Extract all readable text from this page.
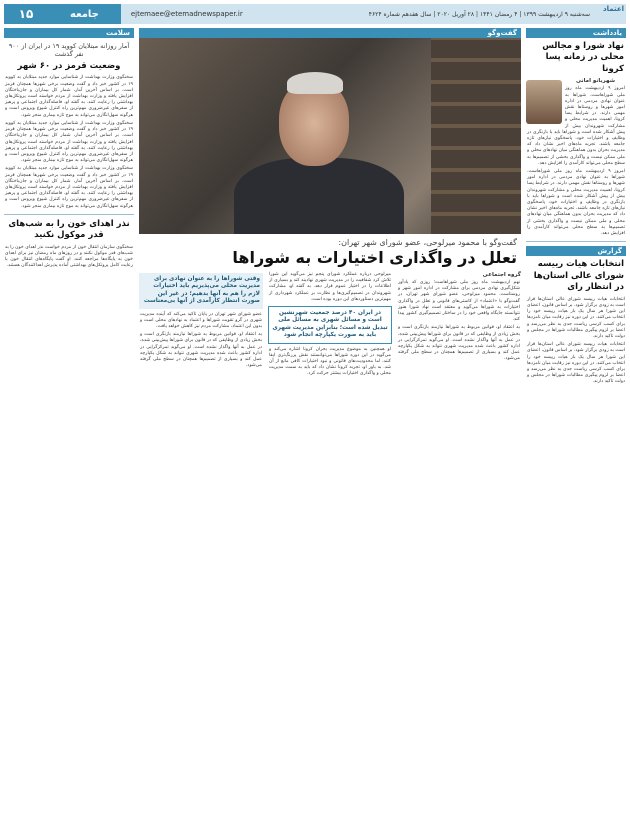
سه‌شنبه ۹ اردیبهشت ۱۳۹۹ | ۴ رمضان ۱۴۴۱ | ۲۸ آوریل ۲۰۲۰ | سال هفدهم شماره ۴۶۲۴
ejtemaee@etemadnewspaper.ir
جامعه
۱۵	اعتماد
یادداشت
نهاد شورا و مجالس محلی در زمانه پسا کرونا
شهربانو امانی

امروز ۹ اردیبهشت ماه روز ملی شوراهاست. شوراها به عنوان نهادی مردمی در اداره امور شهرها و روستاها نقش مهمی دارند. در شرایط پسا کرونا، اهمیت مدیریت محلی و مشارکت شهروندان بیش از پیش آشکار شده است و شوراها باید با بازنگری در وظایف و اختیارات خود، پاسخگوی نیازهای تازه جامعه باشند. تجربه ماه‌های اخیر نشان داد که مدیریت بحران بدون هماهنگی میان نهادهای محلی و ملی ممکن نیست و واگذاری بخشی از تصمیم‌ها به سطح محلی می‌تواند کارآمدی را افزایش دهد.

امروز ۹ اردیبهشت ماه روز ملی شوراهاست. شوراها به عنوان نهادی مردمی در اداره امور شهرها و روستاها نقش مهمی دارند. در شرایط پسا کرونا، اهمیت مدیریت محلی و مشارکت شهروندان بیش از پیش آشکار شده است و شوراها باید با بازنگری در وظایف و اختیارات خود، پاسخگوی نیازهای تازه جامعه باشند. تجربه ماه‌های اخیر نشان داد که مدیریت بحران بدون هماهنگی میان نهادهای محلی و ملی ممکن نیست و واگذاری بخشی از تصمیم‌ها به سطح محلی می‌تواند کارآمدی را افزایش دهد.

گزارش
انتخابات هیات رییسه شورای عالی استان‌ها در انتظار رای

انتخابات هیات رییسه شورای عالی استان‌ها قرار است به زودی برگزار شود. بر اساس قانون، اعضای این شورا هر سال یک بار هیات رییسه خود را انتخاب می‌کنند. در این دوره نیز رقابت میان نامزدها برای کسب کرسی ریاست جدی به نظر می‌رسد و اعضا بر لزوم پیگیری مطالبات شوراها در مجلس و دولت تاکید دارند.

انتخابات هیات رییسه شورای عالی استان‌ها قرار است به زودی برگزار شود. بر اساس قانون، اعضای این شورا هر سال یک بار هیات رییسه خود را انتخاب می‌کنند. در این دوره نیز رقابت میان نامزدها برای کسب کرسی ریاست جدی به نظر می‌رسد و اعضا بر لزوم پیگیری مطالبات شوراها در مجلس و دولت تاکید دارند.

گفت‌وگو
گفت‌وگو با محمود میرلوحی، عضو شورای شهر تهران:
تعلل در واگذاری اختیارات به شوراها
گروه اجتماعی

نهم اردیبهشت ماه روز ملی شوراهاست؛ روزی که یادآور شکل‌گیری نهادی مردمی برای مشارکت در اداره امور شهر و روستاست. محمود میرلوحی، عضو شورای شهر تهران، در گفت‌وگو با «اعتماد» از کاستی‌های قانونی و تعلل در واگذاری اختیارات به شوراها می‌گوید و معتقد است نهاد شورا هنوز نتوانسته جایگاه واقعی خود را در ساختار تصمیم‌گیری کشور پیدا کند.

به اعتقاد او، قوانین مربوط به شوراها نیازمند بازنگری است و بخش زیادی از وظایفی که در قانون برای شوراها پیش‌بینی شده، در عمل به آنها واگذار نشده است. او می‌گوید تمرکزگرایی در اداره کشور باعث شده مدیریت شهری نتواند به شکل یکپارچه عمل کند و بسیاری از تصمیم‌ها همچنان در سطح ملی گرفته می‌شود.

میرلوحی درباره عملکرد شورای پنجم نیز می‌گوید این شورا تلاش کرد شفافیت را در مدیریت شهری نهادینه کند و بسیاری از اطلاعات را در اختیار عموم قرار دهد. به گفته او، مشارکت شهروندان در تصمیم‌گیری‌ها و نظارت بر عملکرد شهرداری از مهم‌ترین دستاوردهای این دوره بوده است.

در ایران ۴۰ درصد جمعیت شهرنشین است و مسائل شهری به مسائل ملی تبدیل شده است؛ بنابراین مدیریت شهری باید به صورت یکپارچه انجام شود

او همچنین به موضوع مدیریت بحران کرونا اشاره می‌کند و می‌گوید در این دوره شوراها می‌توانستند نقش پررنگ‌تری ایفا کنند، اما محدودیت‌های قانونی و نبود اختیارات کافی مانع از آن شد. به باور او، تجربه کرونا نشان داد که باید به سمت مدیریت محلی و واگذاری اختیارات بیشتر حرکت کرد.

وقتی شوراها را به عنوان نهادی برای مدیریت محلی می‌پذیریم باید اختیارات لازم را هم به آنها بدهیم؛ در غیر این صورت انتظار کارآمدی از آنها بی‌معناست

عضو شورای شهر تهران در پایان تاکید می‌کند که آینده مدیریت شهری در گرو تقویت شوراها و اعتماد به نهادهای محلی است و بدون این اعتماد، مشارکت مردم نیز کاهش خواهد یافت.

به اعتقاد او، قوانین مربوط به شوراها نیازمند بازنگری است و بخش زیادی از وظایفی که در قانون برای شوراها پیش‌بینی شده، در عمل به آنها واگذار نشده است. او می‌گوید تمرکزگرایی در اداره کشور باعث شده مدیریت شهری نتواند به شکل یکپارچه عمل کند و بسیاری از تصمیم‌ها همچنان در سطح ملی گرفته می‌شود.

سلامت
آمار روزانه مبتلایان کووید ۱۹ در ایران از ۹۰۰ نفر گذشت
وضعیت قرمز در ۶۰ شهر

سخنگوی وزارت بهداشت از شناسایی موارد جدید مبتلایان به کووید ۱۹ در کشور خبر داد و گفت وضعیت برخی شهرها همچنان قرمز است. بر اساس آخرین آمار، شمار کل بیماران و جان‌باختگان افزایش یافته و وزارت بهداشت از مردم خواسته است پروتکل‌های بهداشتی را رعایت کنند. به گفته او، فاصله‌گذاری اجتماعی و پرهیز از سفرهای غیرضروری مهم‌ترین راه کنترل شیوع ویروس است و هرگونه سهل‌انگاری می‌تواند به موج تازه بیماری منجر شود.

سخنگوی وزارت بهداشت از شناسایی موارد جدید مبتلایان به کووید ۱۹ در کشور خبر داد و گفت وضعیت برخی شهرها همچنان قرمز است. بر اساس آخرین آمار، شمار کل بیماران و جان‌باختگان افزایش یافته و وزارت بهداشت از مردم خواسته است پروتکل‌های بهداشتی را رعایت کنند. به گفته او، فاصله‌گذاری اجتماعی و پرهیز از سفرهای غیرضروری مهم‌ترین راه کنترل شیوع ویروس است و هرگونه سهل‌انگاری می‌تواند به موج تازه بیماری منجر شود.

سخنگوی وزارت بهداشت از شناسایی موارد جدید مبتلایان به کووید ۱۹ در کشور خبر داد و گفت وضعیت برخی شهرها همچنان قرمز است. بر اساس آخرین آمار، شمار کل بیماران و جان‌باختگان افزایش یافته و وزارت بهداشت از مردم خواسته است پروتکل‌های بهداشتی را رعایت کنند. به گفته او، فاصله‌گذاری اجتماعی و پرهیز از سفرهای غیرضروری مهم‌ترین راه کنترل شیوع ویروس است و هرگونه سهل‌انگاری می‌تواند به موج تازه بیماری منجر شود.

نذر اهدای خون را به شب‌های قدر موکول نکنید

سخنگوی سازمان انتقال خون از مردم خواست نذر اهدای خون را به شب‌های قدر موکول نکنند و در روزهای ماه رمضان نیز برای اهدای خون به پایگاه‌ها مراجعه کنند. او گفت پایگاه‌های انتقال خون با رعایت کامل پروتکل‌های بهداشتی آماده پذیرش اهداکنندگان هستند.
